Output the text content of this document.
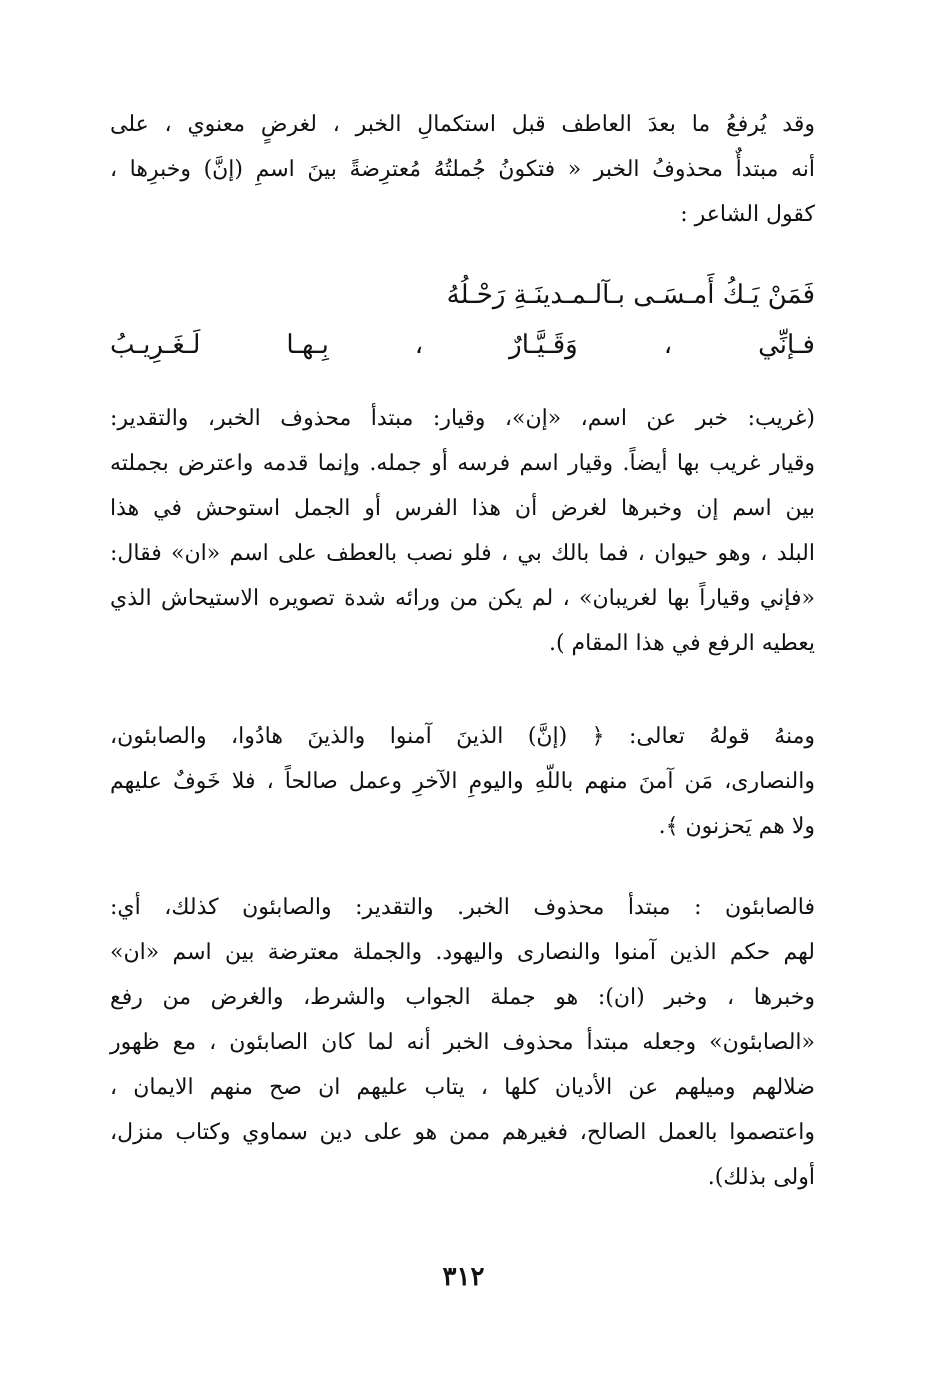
وقد يُرفعُ ما بعدَ العاطف قبل استكمالِ الخبر ، لغرضٍ معنوي ، على
أنه مبتدأٌ محذوفُ الخبر « فتكونُ جُملتُهُ مُعترِضةً بينَ اسمِ (إنَّ) وخبرِها ،
كقول الشاعر :

فَمَنْ يَـكُ أَمـسَـى بـآلـمـدينَـةِ رَحْـلُهُ
فـإنِّي ، وَقَـيَّـارٌ ، بِـهـا لَـغَـرِيـبُ

(غريب: خبر عن اسم، «إن»، وقيار: مبتدأ محذوف الخبر، والتقدير:
وقيار غريب بها أيضاً. وقيار اسم فرسه أو جمله. وإنما قدمه واعترض بجملته
بين اسم إن وخبرها لغرض أن هذا الفرس أو الجمل استوحش في هذا
البلد ، وهو حيوان ، فما بالك بي ، فلو نصب بالعطف على اسم «ان» فقال:
«فإني وقياراً بها لغريبان» ، لم يكن من ورائه شدة تصويره الاستيحاش الذي
يعطيه الرفع في هذا المقام ).

ومنهُ قولهُ تعالى: ﴿ (إنَّ) الذينَ آمنوا والذينَ هادُوا، والصابئون،
والنصارى، مَن آمنَ منهم باللّهِ واليومِ الآخرِ وعمل صالحاً ، فلا خَوفٌ عليهم
ولا هم يَحزنون ﴾.

فالصابئون : مبتدأ محذوف الخبر. والتقدير: والصابئون كذلك، أي:
لهم حكم الذين آمنوا والنصارى واليهود. والجملة معترضة بين اسم «ان»
وخبرها ، وخبر (ان): هو جملة الجواب والشرط، والغرض من رفع
«الصابئون» وجعله مبتدأ محذوف الخبر أنه لما كان الصابئون ، مع ظهور
ضلالهم وميلهم عن الأديان كلها ، يتاب عليهم ان صح منهم الايمان ،
واعتصموا بالعمل الصالح، فغيرهم ممن هو على دين سماوي وكتاب منزل،
أولى بذلك).

٣١٢
